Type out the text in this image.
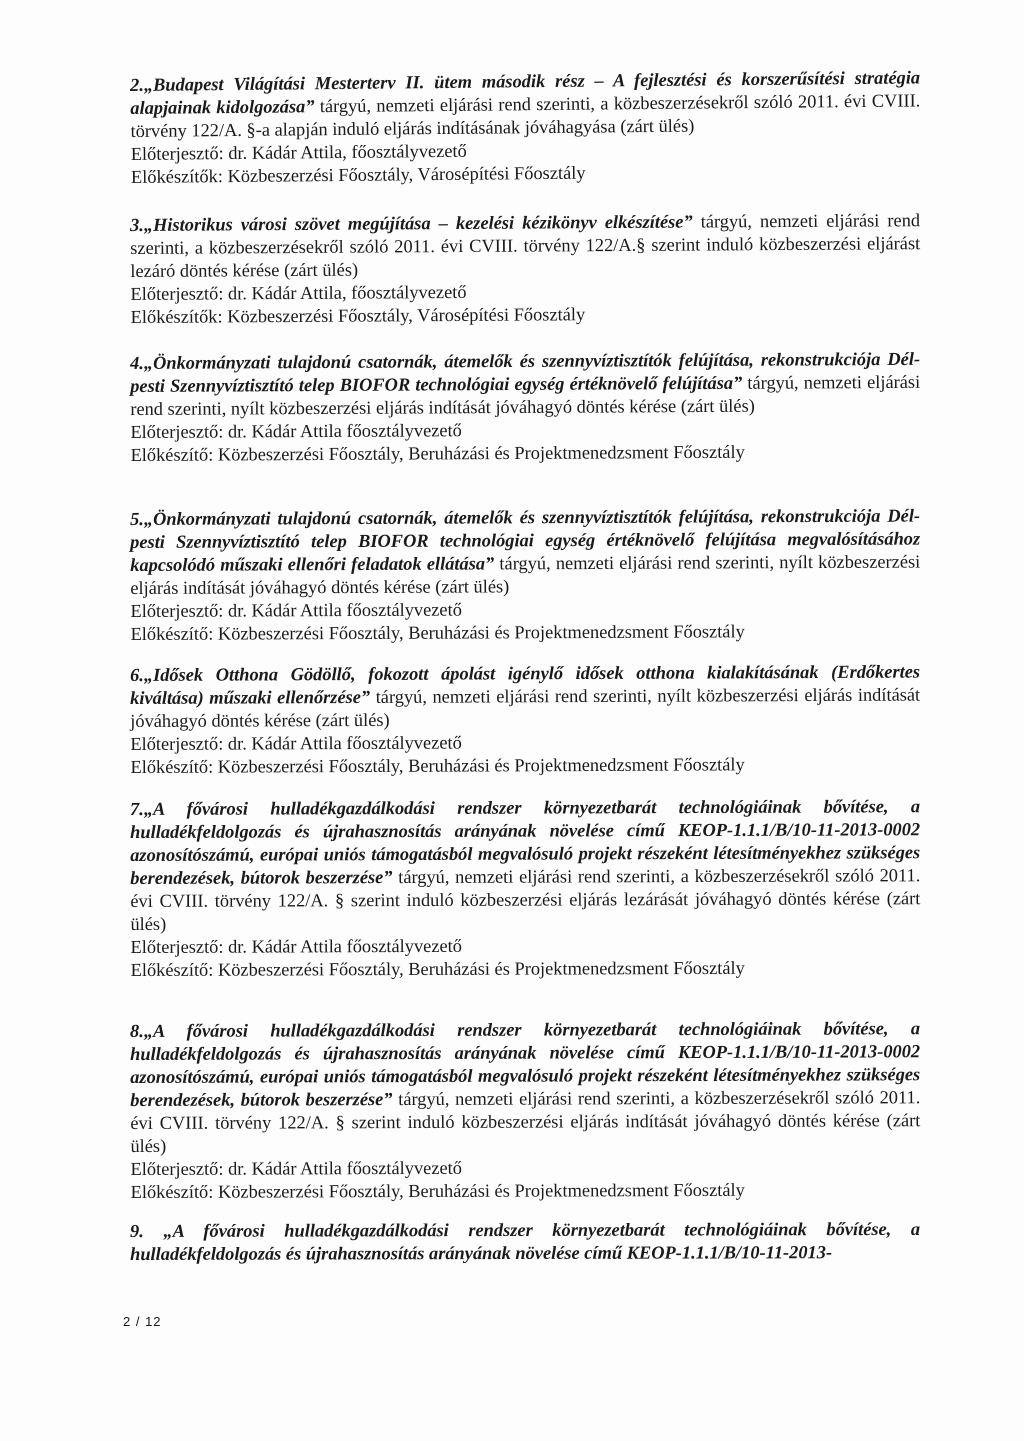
2.„Budapest Világítási Mesterterv II. ütem második rész – A fejlesztési és korszerűsítési stratégia alapjainak kidolgozása” tárgyú, nemzeti eljárási rend szerinti, a közbeszerzésekről szóló 2011. évi CVIII. törvény 122/A. §-a alapján induló eljárás indításának jóváhagyása (zárt ülés)

Előterjesztő: dr. Kádár Attila, főosztályvezető

Előkészítők: Közbeszerzési Főosztály, Városépítési Főosztály

3.„Historikus városi szövet megújítása – kezelési kézikönyv elkészítése” tárgyú, nemzeti eljárási rend szerinti, a közbeszerzésekről szóló 2011. évi CVIII. törvény 122/A.§ szerint induló közbeszerzési eljárást lezáró döntés kérése (zárt ülés)

Előterjesztő: dr. Kádár Attila, főosztályvezető

Előkészítők: Közbeszerzési Főosztály, Városépítési Főosztály

4.„Önkormányzati tulajdonú csatornák, átemelők és szennyvíztisztítók felújítása, rekonstrukciója Dél-pesti Szennyvíztisztító telep BIOFOR technológiai egység értéknövelő felújítása” tárgyú, nemzeti eljárási rend szerinti, nyílt közbeszerzési eljárás indítását jóváhagyó döntés kérése (zárt ülés)

Előterjesztő: dr. Kádár Attila főosztályvezető

Előkészítő: Közbeszerzési Főosztály, Beruházási és Projektmenedzsment Főosztály

5.„Önkormányzati tulajdonú csatornák, átemelők és szennyvíztisztítók felújítása, rekonstrukciója Dél-pesti Szennyvíztisztító telep BIOFOR technológiai egység értéknövelő felújítása megvalósításához kapcsolódó műszaki ellenőri feladatok ellátása” tárgyú, nemzeti eljárási rend szerinti, nyílt közbeszerzési eljárás indítását jóváhagyó döntés kérése (zárt ülés)

Előterjesztő: dr. Kádár Attila főosztályvezető

Előkészítő: Közbeszerzési Főosztály, Beruházási és Projektmenedzsment Főosztály

6.„Idősek Otthona Gödöllő, fokozott ápolást igénylő idősek otthona kialakításának (Erdőkertes kiváltása) műszaki ellenőrzése” tárgyú, nemzeti eljárási rend szerinti, nyílt közbeszerzési eljárás indítását jóváhagyó döntés kérése (zárt ülés)

Előterjesztő: dr. Kádár Attila főosztályvezető

Előkészítő: Közbeszerzési Főosztály, Beruházási és Projektmenedzsment Főosztály

7.„A fővárosi hulladékgazdálkodási rendszer környezetbarát technológiáinak bővítése, a hulladékfeldolgozás és újrahasznosítás arányának növelése című KEOP-1.1.1/B/10-11-2013-0002 azonosítószámú, európai uniós támogatásból megvalósuló projekt részeként létesítményekhez szükséges berendezések, bútorok beszerzése” tárgyú, nemzeti eljárási rend szerinti, a közbeszerzésekről szóló 2011. évi CVIII. törvény 122/A. § szerint induló közbeszerzési eljárás lezárását jóváhagyó döntés kérése (zárt ülés)

Előterjesztő: dr. Kádár Attila főosztályvezető

Előkészítő: Közbeszerzési Főosztály, Beruházási és Projektmenedzsment Főosztály

8.„A fővárosi hulladékgazdálkodási rendszer környezetbarát technológiáinak bővítése, a hulladékfeldolgozás és újrahasznosítás arányának növelése című KEOP-1.1.1/B/10-11-2013-0002 azonosítószámú, európai uniós támogatásból megvalósuló projekt részeként létesítményekhez szükséges berendezések, bútorok beszerzése” tárgyú, nemzeti eljárási rend szerinti, a közbeszerzésekről szóló 2011. évi CVIII. törvény 122/A. § szerint induló közbeszerzési eljárás indítását jóváhagyó döntés kérése (zárt ülés)

Előterjesztő: dr. Kádár Attila főosztályvezető

Előkészítő: Közbeszerzési Főosztály, Beruházási és Projektmenedzsment Főosztály

9. „A fővárosi hulladékgazdálkodási rendszer környezetbarát technológiáinak bővítése, a hulladékfeldolgozás és újrahasznosítás arányának növelése című KEOP-1.1.1/B/10-11-2013-

2 / 12
